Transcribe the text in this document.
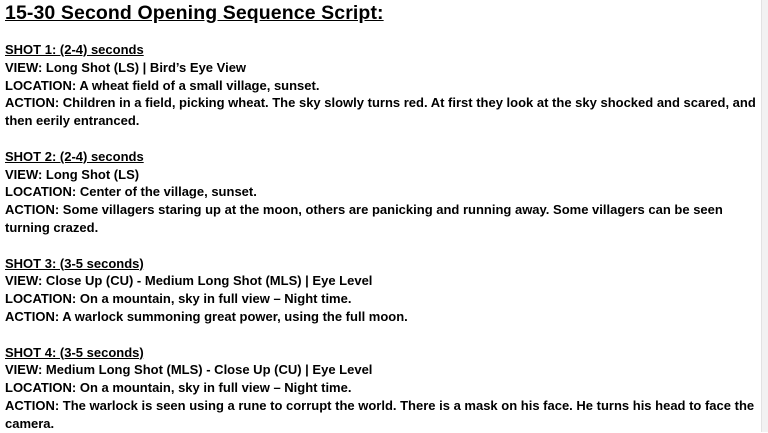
15-30 Second Opening Sequence Script:
SHOT 1: (2-4) seconds
VIEW: Long Shot (LS) | Bird’s Eye View
LOCATION: A wheat field of a small village, sunset.
ACTION: Children in a field, picking wheat. The sky slowly turns red. At first they look at the sky shocked and scared, and then eerily entranced.
SHOT 2: (2-4) seconds
VIEW: Long Shot (LS)
LOCATION: Center of the village, sunset.
ACTION: Some villagers staring up at the moon, others are panicking and running away. Some villagers can be seen turning crazed.
SHOT 3: (3-5 seconds)
VIEW: Close Up (CU) - Medium Long Shot (MLS) | Eye Level
LOCATION: On a mountain, sky in full view – Night time.
ACTION: A warlock summoning great power, using the full moon.
SHOT 4: (3-5 seconds)
VIEW: Medium Long Shot (MLS) - Close Up (CU) | Eye Level
LOCATION: On a mountain, sky in full view – Night time.
ACTION: The warlock is seen using a rune to corrupt the world. There is a mask on his face. He turns his head to face the camera.
